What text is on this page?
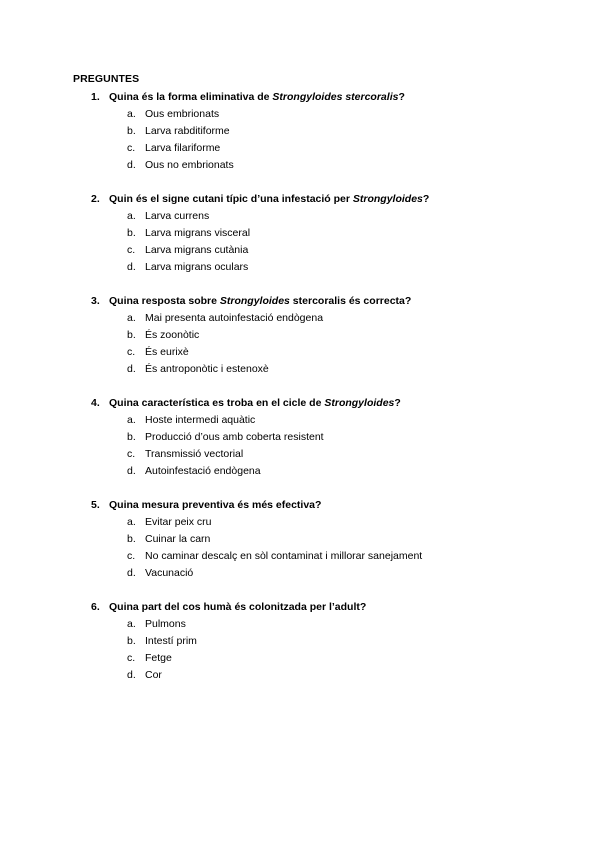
PREGUNTES
1. Quina és la forma eliminativa de Strongyloides stercoralis?
a. Ous embrionats
b. Larva rabditiforme
c. Larva filariforme
d. Ous no embrionats
2. Quin és el signe cutani típic d’una infestació per Strongyloides?
a. Larva currens
b. Larva migrans visceral
c. Larva migrans cutània
d. Larva migrans oculars
3. Quina resposta sobre Strongyloides stercoralis és correcta?
a. Mai presenta autoinfestació endògena
b. És zoonòtic
c. És eurixè
d. És antroponòtic i estenoxè
4. Quina característica es troba en el cicle de Strongyloides?
a. Hoste intermedi aquàtic
b. Producció d’ous amb coberta resistent
c. Transmissió vectorial
d. Autoinfestació endògena
5. Quina mesura preventiva és més efectiva?
a. Evitar peix cru
b. Cuinar la carn
c. No caminar descalç en sòl contaminat i millorar sanejament
d. Vacunació
6. Quina part del cos humà és colonitzada per l’adult?
a. Pulmons
b. Intestí prim
c. Fetge
d. Cor
